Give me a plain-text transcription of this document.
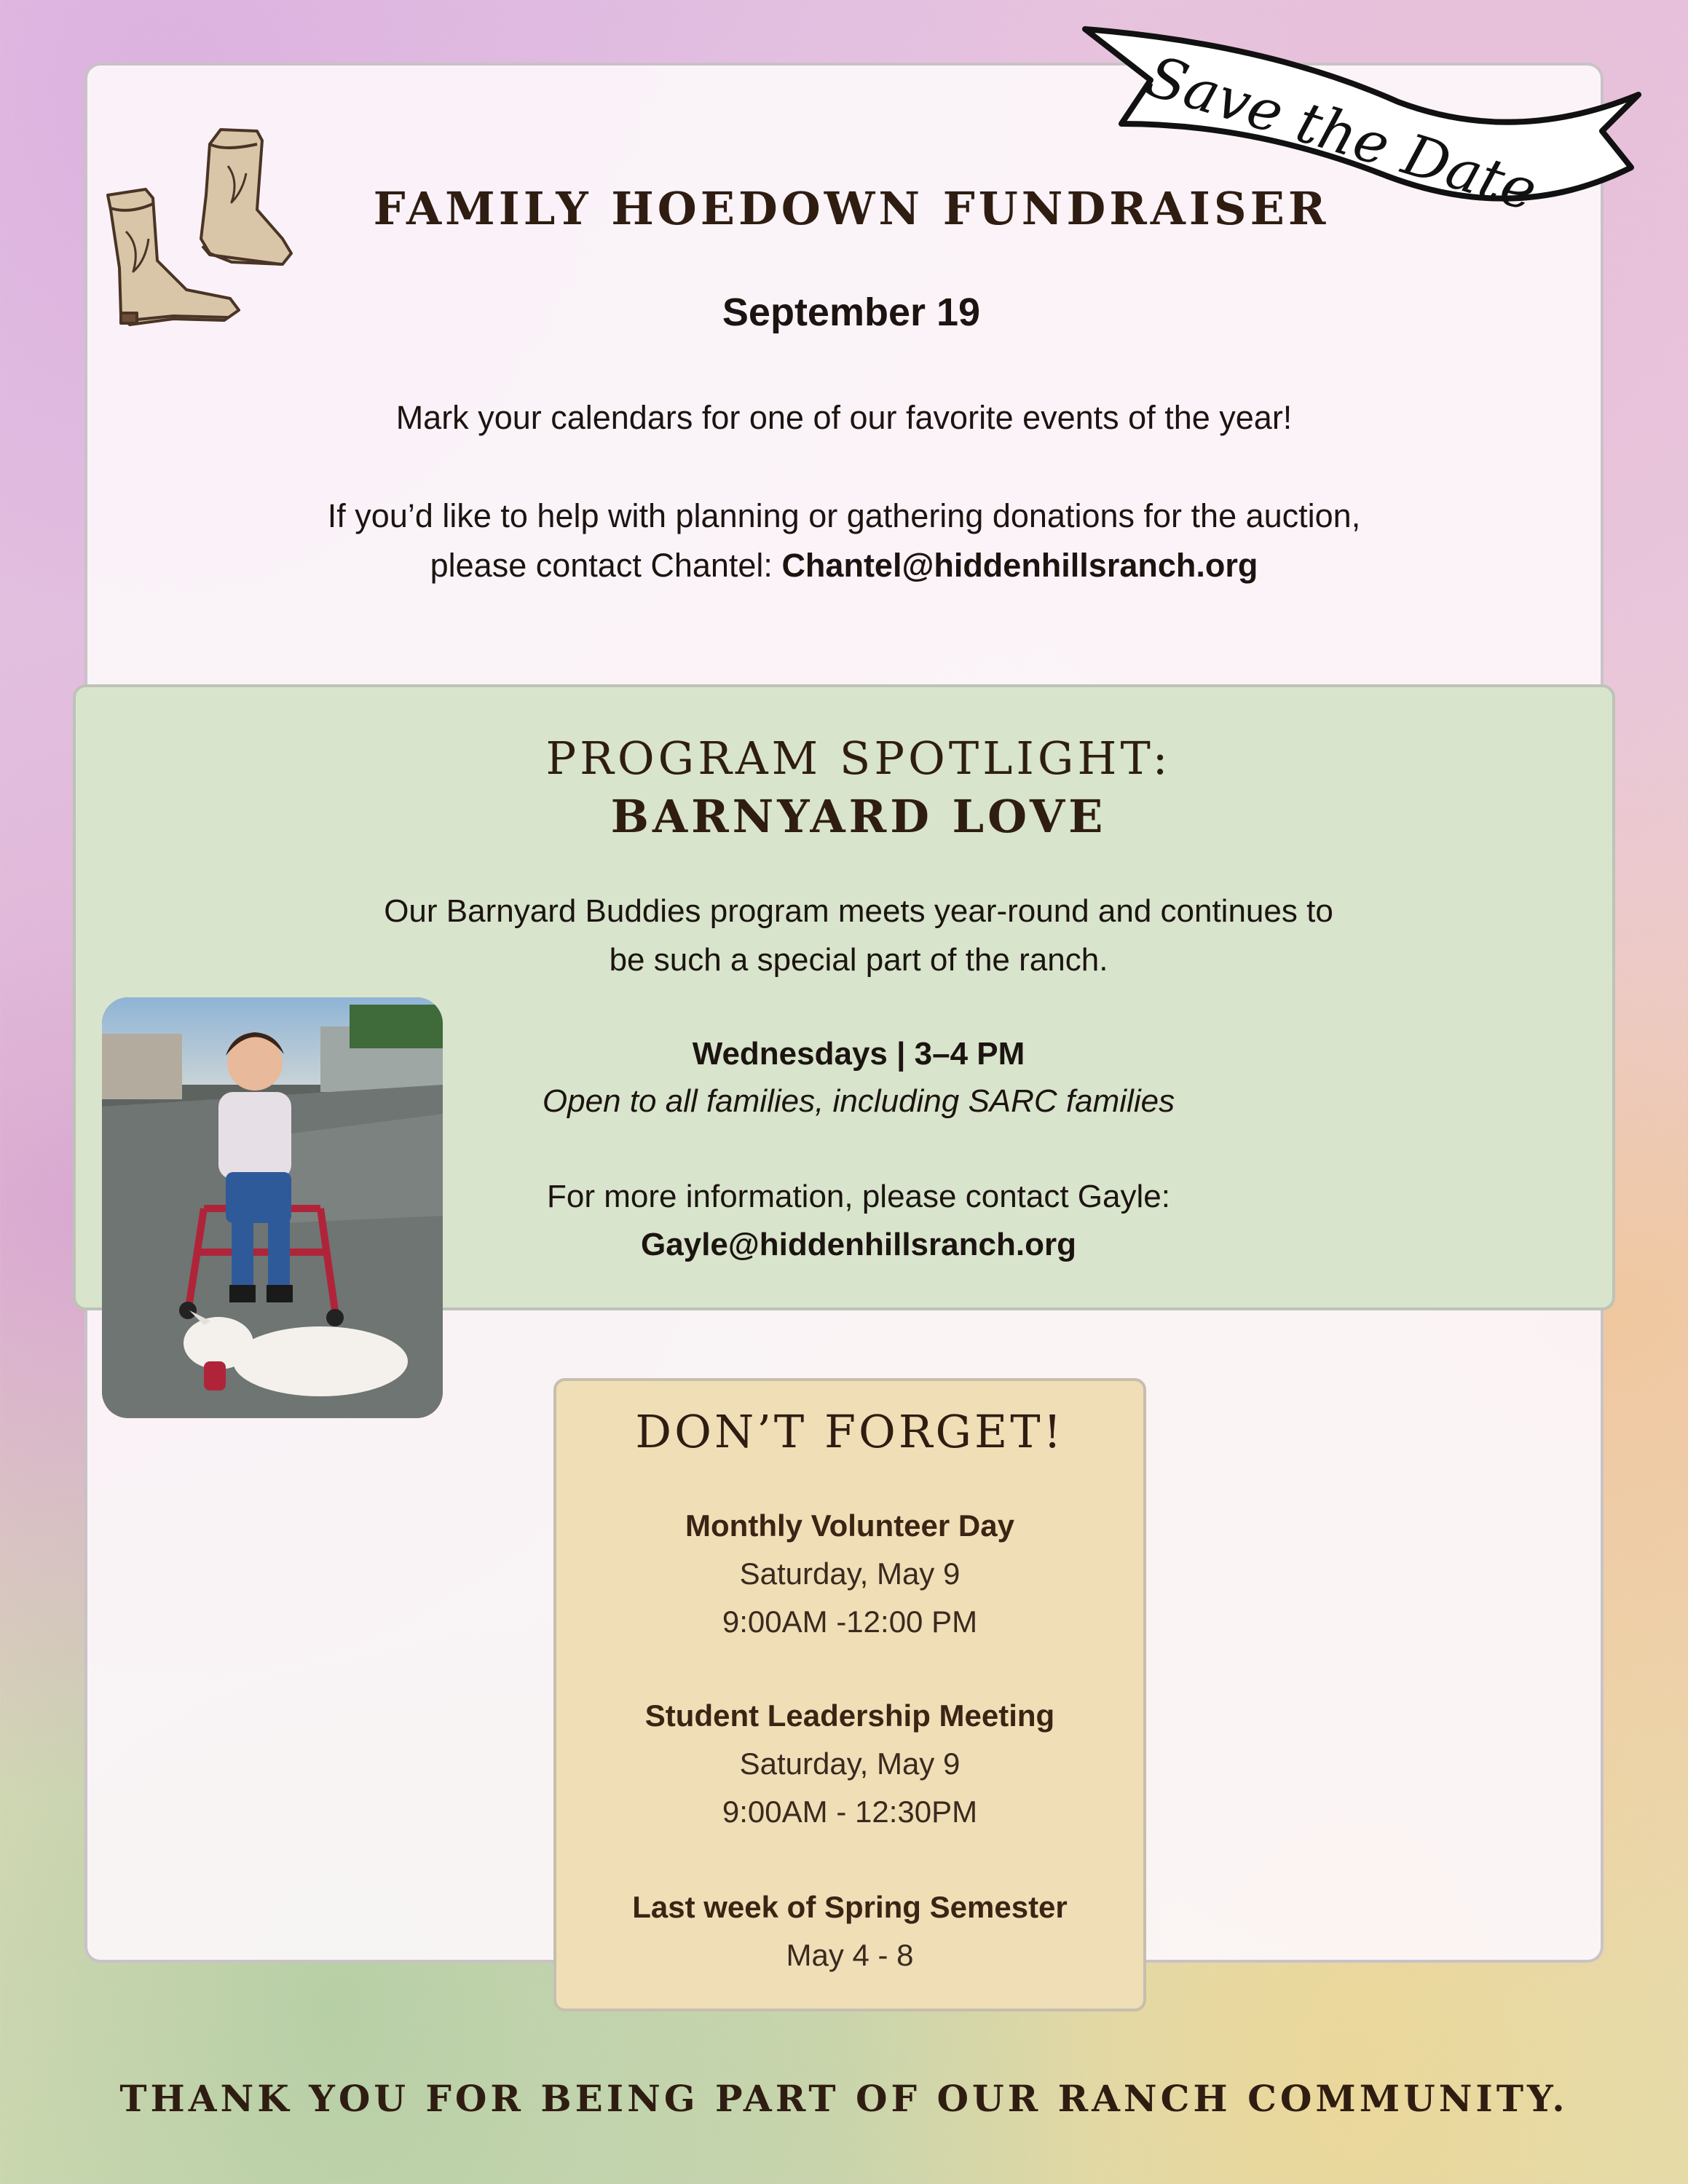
Save the Date
FAMILY HOEDOWN FUNDRAISER
September 19
Mark your calendars for one of our favorite events of the year!
If you’d like to help with planning or gathering donations for the auction,
please contact Chantel: Chantel@hiddenhillsranch.org
PROGRAM SPOTLIGHT:
BARNYARD LOVE
Our Barnyard Buddies program meets year-round and continues to
be such a special part of the ranch.
Wednesdays | 3–4 PM
Open to all families, including SARC families
For more information, please contact Gayle:
Gayle@hiddenhillsranch.org
DON’T FORGET!
Monthly Volunteer Day
Saturday, May 9
9:00AM -12:00 PM
Student Leadership Meeting
Saturday, May 9
9:00AM - 12:30PM
Last week of Spring Semester
May 4 - 8
THANK YOU FOR BEING PART OF OUR RANCH COMMUNITY.
